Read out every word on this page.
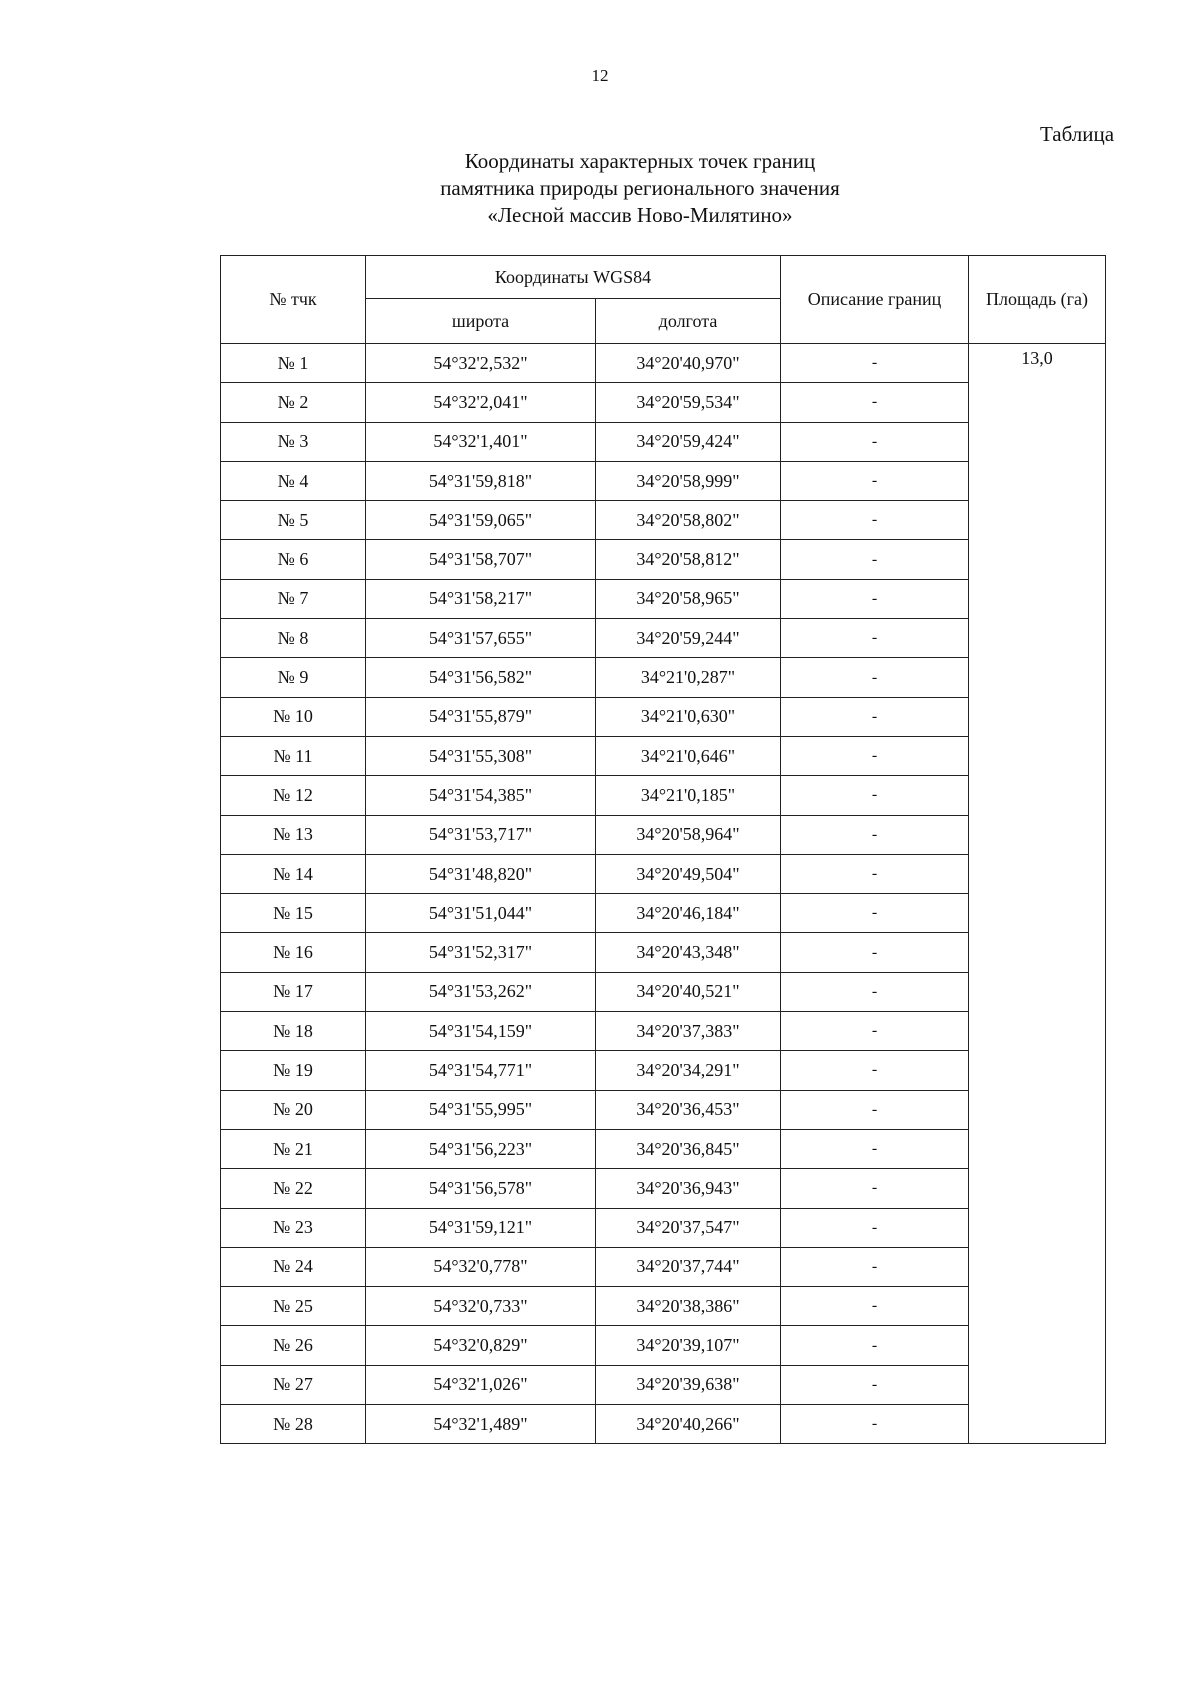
12
Таблица
Координаты характерных точек границ
памятника природы регионального значения
«Лесной массив Ново-Милятино»
№ тчк	Координаты WGS84		Описание границ	Площадь (га)
	широта	долгота		
№ 1	54°32'2,532"	34°20'40,970"	-	13,0
№ 2	54°32'2,041"	34°20'59,534"	-	
№ 3	54°32'1,401"	34°20'59,424"	-	
№ 4	54°31'59,818"	34°20'58,999"	-	
№ 5	54°31'59,065"	34°20'58,802"	-	
№ 6	54°31'58,707"	34°20'58,812"	-	
№ 7	54°31'58,217"	34°20'58,965"	-	
№ 8	54°31'57,655"	34°20'59,244"	-	
№ 9	54°31'56,582"	34°21'0,287"	-	
№ 10	54°31'55,879"	34°21'0,630"	-	
№ 11	54°31'55,308"	34°21'0,646"	-	
№ 12	54°31'54,385"	34°21'0,185"	-	
№ 13	54°31'53,717"	34°20'58,964"	-	
№ 14	54°31'48,820"	34°20'49,504"	-	
№ 15	54°31'51,044"	34°20'46,184"	-	
№ 16	54°31'52,317"	34°20'43,348"	-	
№ 17	54°31'53,262"	34°20'40,521"	-	
№ 18	54°31'54,159"	34°20'37,383"	-	
№ 19	54°31'54,771"	34°20'34,291"	-	
№ 20	54°31'55,995"	34°20'36,453"	-	
№ 21	54°31'56,223"	34°20'36,845"	-	
№ 22	54°31'56,578"	34°20'36,943"	-	
№ 23	54°31'59,121"	34°20'37,547"	-	
№ 24	54°32'0,778"	34°20'37,744"	-	
№ 25	54°32'0,733"	34°20'38,386"	-	
№ 26	54°32'0,829"	34°20'39,107"	-	
№ 27	54°32'1,026"	34°20'39,638"	-	
№ 28	54°32'1,489"	34°20'40,266"	-	
